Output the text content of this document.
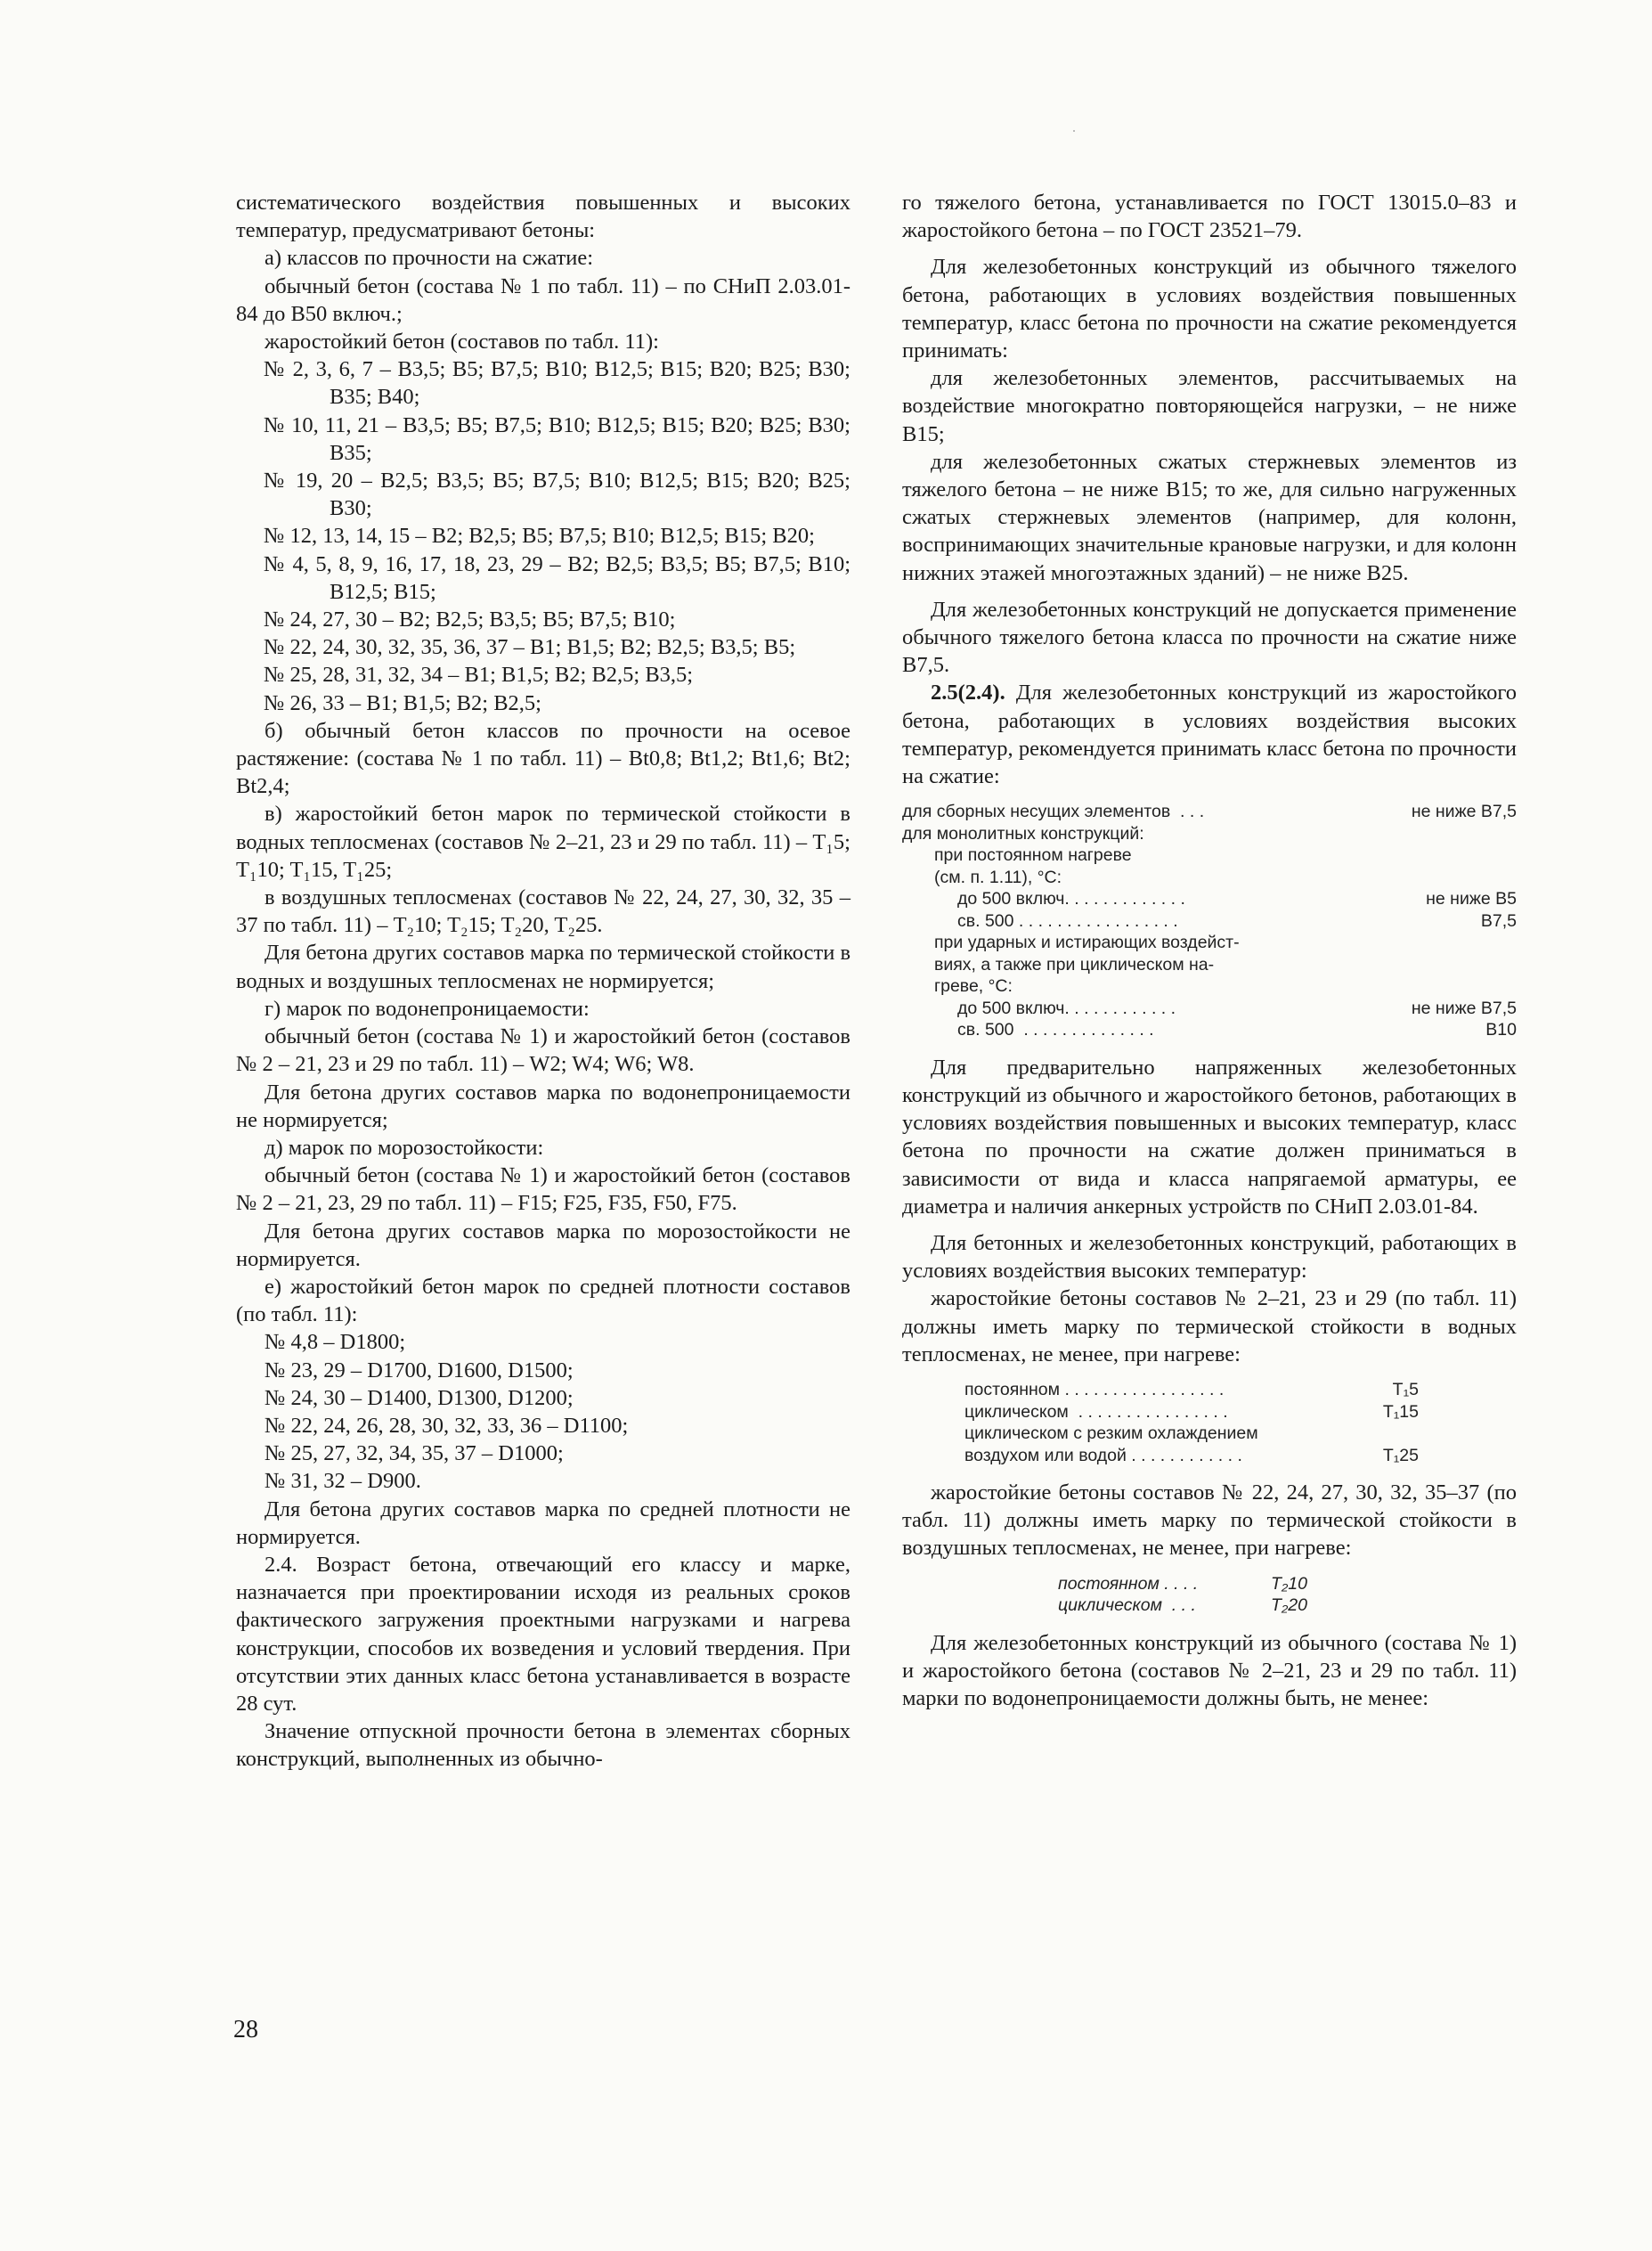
систематического воздействия повышенных и высоких температур, предусматривают бетоны:

а) классов по прочности на сжатие:

обычный бетон (состава № 1 по табл. 11) – по СНиП 2.03.01-84 до В50 включ.;

жаростойкий бетон (составов по табл. 11):

№ 2, 3, 6, 7 – В3,5; В5; В7,5; В10; В12,5; В15; В20; В25; В30; В35; В40;

№ 10, 11, 21 – В3,5; В5; В7,5; В10; В12,5; В15; В20; В25; В30; В35;

№ 19, 20 – В2,5; В3,5; В5; В7,5; В10; В12,5; В15; В20; В25; В30;

№ 12, 13, 14, 15 – В2; В2,5; В5; В7,5; В10; В12,5; В15; В20;

№ 4, 5, 8, 9, 16, 17, 18, 23, 29 – В2; В2,5; В3,5; В5; В7,5; В10; В12,5; В15;

№ 24, 27, 30 – В2; В2,5; В3,5; В5; В7,5; В10;

№ 22, 24, 30, 32, 35, 36, 37 – В1; В1,5; В2; В2,5; В3,5; В5;

№ 25, 28, 31, 32, 34 – В1; В1,5; В2; В2,5; В3,5;

№ 26, 33 – В1; В1,5; В2; В2,5;

б) обычный бетон классов по прочности на осевое растяжение: (состава № 1 по табл. 11) – Bt0,8; Bt1,2; Bt1,6; Bt2; Bt2,4;

в) жаростойкий бетон марок по термической стойкости в водных теплосменах (составов № 2–21, 23 и 29 по табл. 11) – T₁5; T₁10; T₁15, T₁25;

в воздушных теплосменах (составов № 22, 24, 27, 30, 32, 35 – 37 по табл. 11) – T₂10; T₂15; T₂20, T₂25.

Для бетона других составов марка по термической стойкости в водных и воздушных теплосменах не нормируется;

г) марок по водонепроницаемости:

обычный бетон (состава № 1) и жаростойкий бетон (составов № 2 – 21, 23 и 29 по табл. 11) – W2; W4; W6; W8.

Для бетона других составов марка по водонепроницаемости не нормируется;

д) марок по морозостойкости:

обычный бетон (состава № 1) и жаростойкий бетон (составов № 2 – 21, 23, 29 по табл. 11) – F15; F25, F35, F50, F75.

Для бетона других составов марка по морозостойкости не нормируется.

е) жаростойкий бетон марок по средней плотности составов (по табл. 11):

№ 4,8 – D1800;

№ 23, 29 – D1700, D1600, D1500;

№ 24, 30 – D1400, D1300, D1200;

№ 22, 24, 26, 28, 30, 32, 33, 36 – D1100;

№ 25, 27, 32, 34, 35, 37 – D1000;

№ 31, 32 – D900.

Для бетона других составов марка по средней плотности не нормируется.

2.4. Возраст бетона, отвечающий его классу и марке, назначается при проектировании исходя из реальных сроков фактического загружения проектными нагрузками и нагрева конструкции, способов их возведения и условий твердения. При отсутствии этих данных класс бетона устанавливается в возрасте 28 сут.

Значение отпускной прочности бетона в элементах сборных конструкций, выполненных из обычно-

го тяжелого бетона, устанавливается по ГОСТ 13015.0–83 и жаростойкого бетона – по ГОСТ 23521–79.

Для железобетонных конструкций из обычного тяжелого бетона, работающих в условиях воздействия повышенных температур, класс бетона по прочности на сжатие рекомендуется принимать:

для железобетонных элементов, рассчитываемых на воздействие многократно повторяющейся нагрузки, – не ниже В15;

для железобетонных сжатых стержневых элементов из тяжелого бетона – не ниже В15; то же, для сильно нагруженных сжатых стержневых элементов (например, для колонн, воспринимающих значительные крановые нагрузки, и для колонн нижних этажей многоэтажных зданий) – не ниже В25.

Для железобетонных конструкций не допускается применение обычного тяжелого бетона класса по прочности на сжатие ниже В7,5.

2.5(2.4). Для железобетонных конструкций из жаростойкого бетона, работающих в условиях воздействия высоких температур, рекомендуется принимать класс бетона по прочности на сжатие:

для сборных несущих элементов  . . .	не ниже В7,5
для монолитных конструкций:
при постоянном нагреве
(см. п. 1.11), °С:
до 500 включ. . . . . . . . . . . . .	не ниже В5
св. 500 . . . . . . . . . . . . . . . . .	В7,5
при ударных и истирающих воздейст-
виях, а также при циклическом на-
греве, °С:
до 500 включ. . . . . . . . . . . .	не ниже В7,5
св. 500  . . . . . . . . . . . . . .	В10

Для предварительно напряженных железобетонных конструкций из обычного и жаростойкого бетонов, работающих в условиях воздействия повышенных и высоких температур, класс бетона по прочности на сжатие должен приниматься в зависимости от вида и класса напрягаемой арматуры, ее диаметра и наличия анкерных устройств по СНиП 2.03.01-84.

Для бетонных и железобетонных конструкций, работающих в условиях воздействия высоких температур:

жаростойкие бетоны составов № 2–21, 23 и 29 (по табл. 11) должны иметь марку по термической стойкости в водных теплосменах, не менее, при нагреве:

постоянном . . . . . . . . . . . . . . . . .	T₁5
циклическом  . . . . . . . . . . . . . . . .	T₁15
циклическом с резким охлаждением
воздухом или водой . . . . . . . . . . . .	T₁25

жаростойкие бетоны составов № 22, 24, 27, 30, 32, 35–37 (по табл. 11) должны иметь марку по термической стойкости в воздушных теплосменах, не менее, при нагреве:

постоянном . . . .	T₂10
циклическом  . . .	T₂20

Для железобетонных конструкций из обычного (состава № 1) и жаростойкого бетона (составов № 2–21, 23 и 29 по табл. 11) марки по водонепроницаемости должны быть, не менее:

28
